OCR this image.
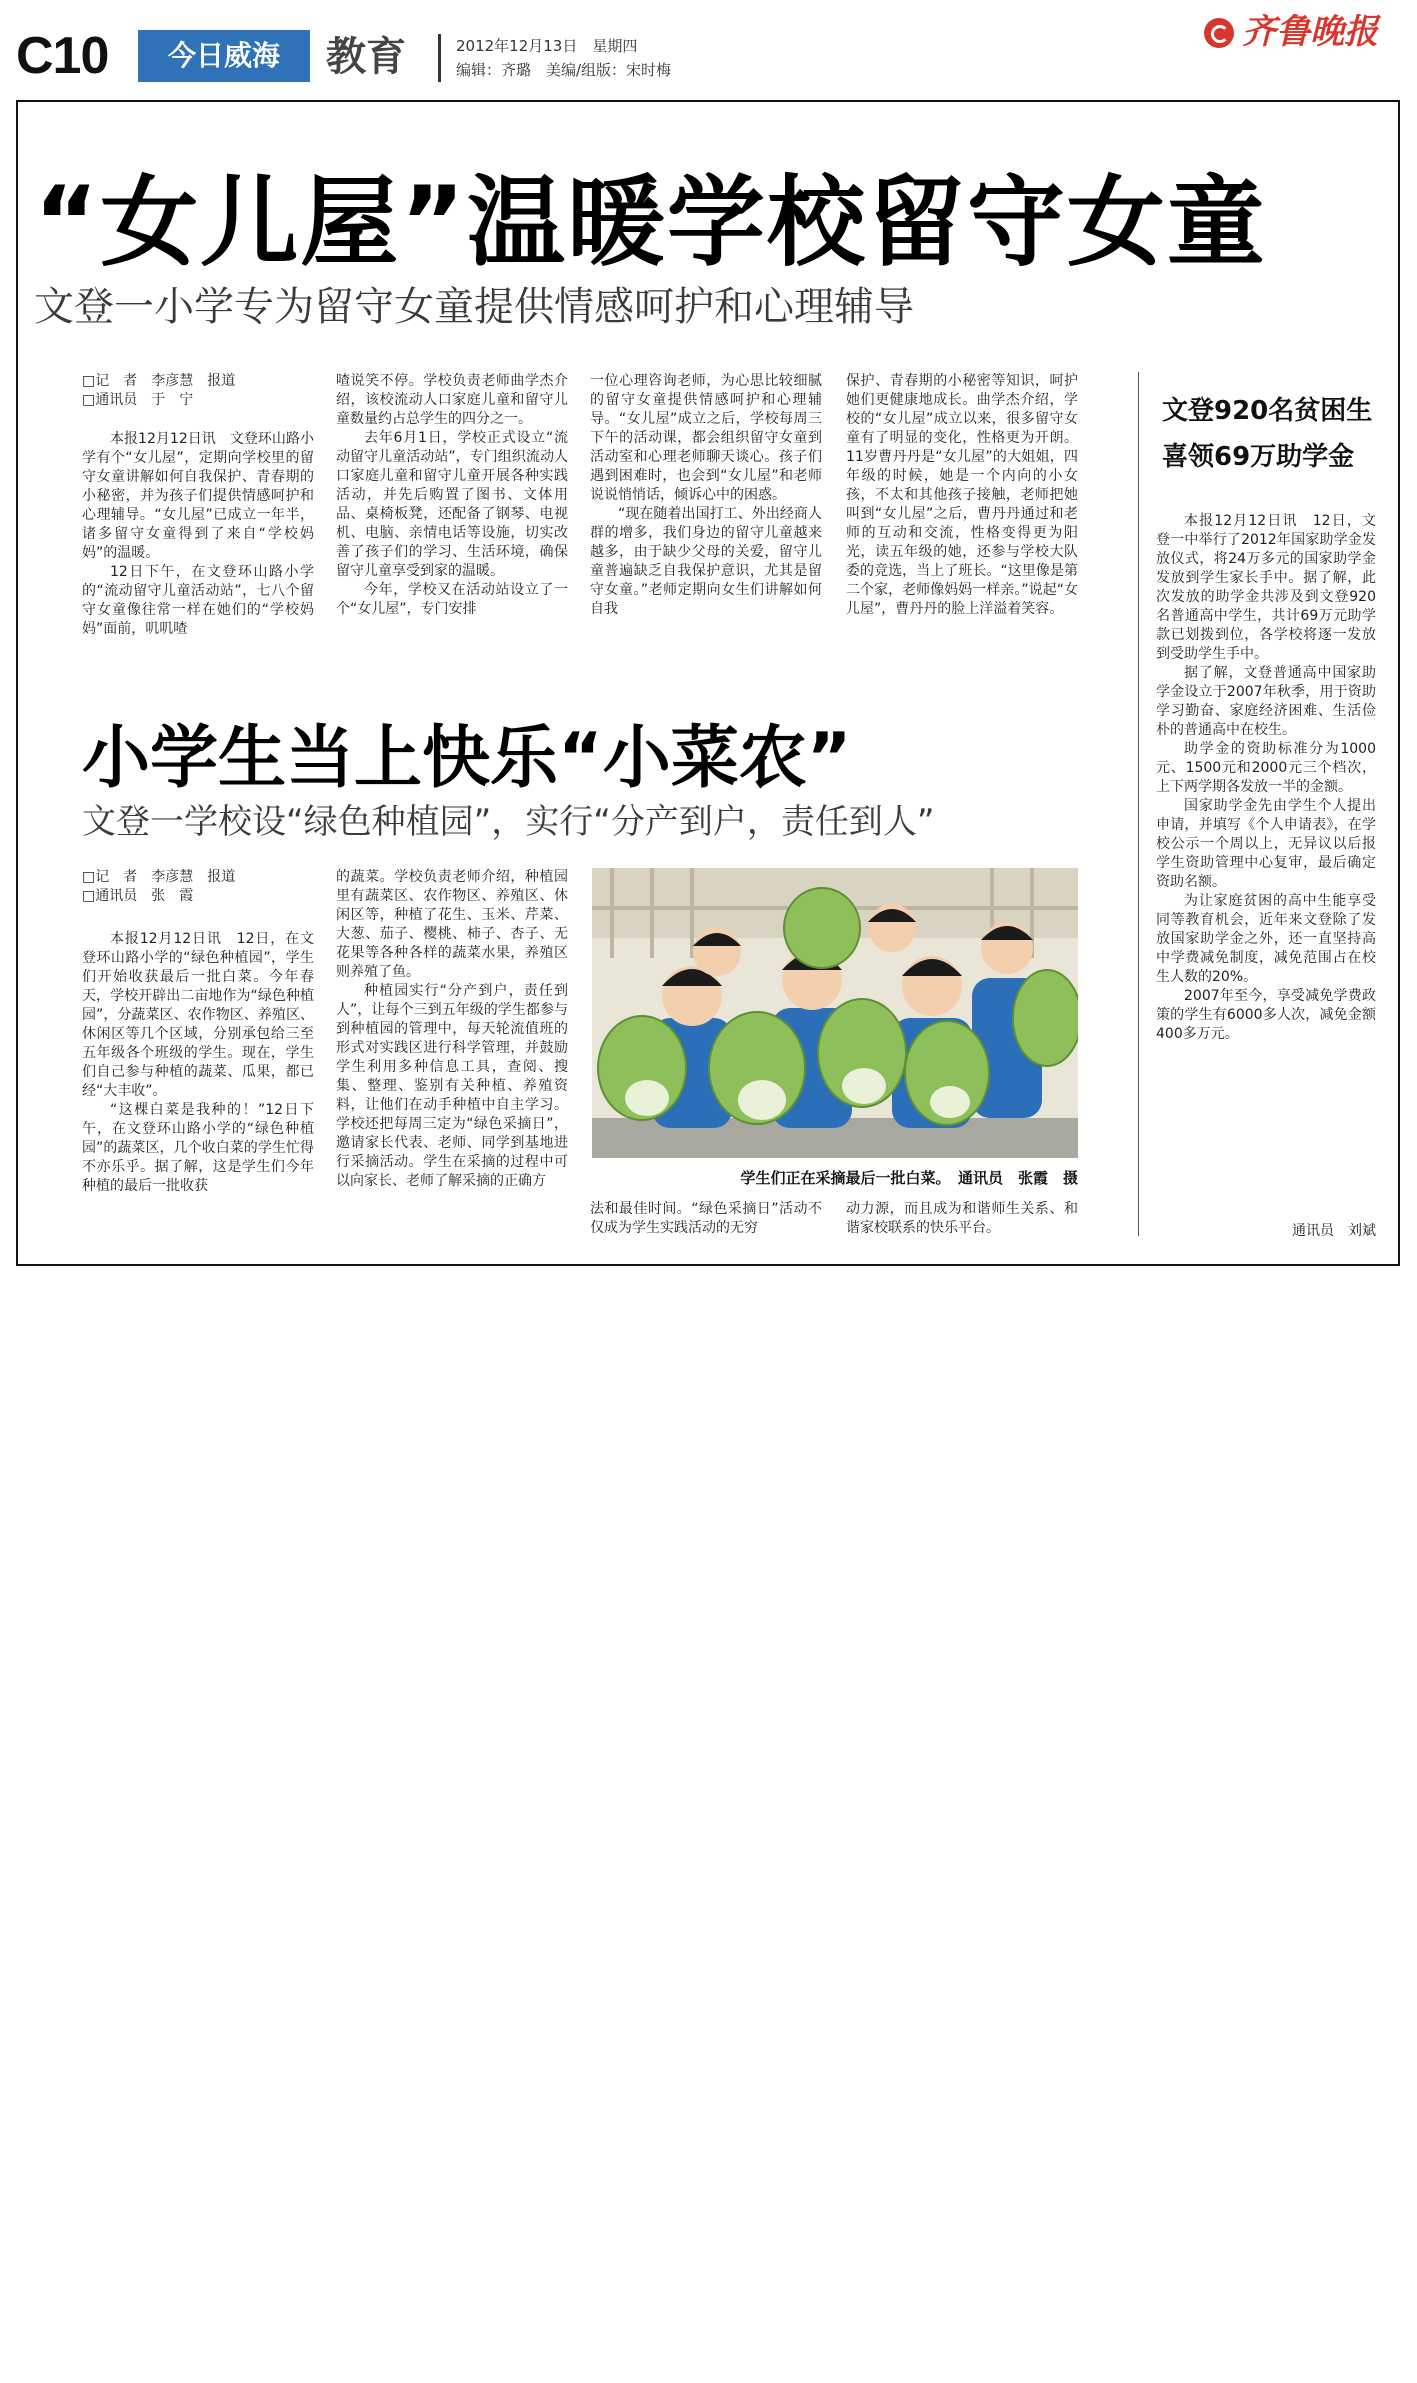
C10	今日威海	教育	2012年12月13日　星期四
编辑：齐璐　美编/组版：宋时梅
齐鲁晚报
“女儿屋”温暖学校留守女童
文登一小学专为留守女童提供情感呵护和心理辅导
□记　者　李彦慧　报道
□通讯员　于　宁

本报12月12日讯　文登环山路小学有个“女儿屋”，定期向学校里的留守女童讲解如何自我保护、青春期的小秘密，并为孩子们提供情感呵护和心理辅导。“女儿屋”已成立一年半，诸多留守女童得到了来自“学校妈妈”的温暖。

12日下午，在文登环山路小学的“流动留守儿童活动站”，七八个留守女童像往常一样在她们的“学校妈妈”面前，叽叽喳

喳说笑不停。学校负责老师曲学杰介绍，该校流动人口家庭儿童和留守儿童数量约占总学生的四分之一。

去年6月1日，学校正式设立“流动留守儿童活动站”，专门组织流动人口家庭儿童和留守儿童开展各种实践活动，并先后购置了图书、文体用品、桌椅板凳，还配备了钢琴、电视机、电脑、亲情电话等设施，切实改善了孩子们的学习、生活环境，确保留守儿童享受到家的温暖。

今年，学校又在活动站设立了一个“女儿屋”，专门安排

一位心理咨询老师，为心思比较细腻的留守女童提供情感呵护和心理辅导。“女儿屋”成立之后，学校每周三下午的活动课，都会组织留守女童到活动室和心理老师聊天谈心。孩子们遇到困难时，也会到“女儿屋”和老师说说悄悄话，倾诉心中的困惑。

“现在随着出国打工、外出经商人群的增多，我们身边的留守儿童越来越多，由于缺少父母的关爱，留守儿童普遍缺乏自我保护意识，尤其是留守女童。”老师定期向女生们讲解如何自我

保护、青春期的小秘密等知识，呵护她们更健康地成长。曲学杰介绍，学校的“女儿屋”成立以来，很多留守女童有了明显的变化，性格更为开朗。11岁曹丹丹是“女儿屋”的大姐姐，四年级的时候，她是一个内向的小女孩，不太和其他孩子接触，老师把她叫到“女儿屋”之后，曹丹丹通过和老师的互动和交流，性格变得更为阳光，读五年级的她，还参与学校大队委的竞选，当上了班长。“这里像是第二个家，老师像妈妈一样亲。”说起“女儿屋”，曹丹丹的脸上洋溢着笑容。

小学生当上快乐“小菜农”
文登一学校设“绿色种植园”，实行“分产到户，责任到人”
□记　者　李彦慧　报道
□通讯员　张　霞

本报12月12日讯　12日，在文登环山路小学的“绿色种植园”，学生们开始收获最后一批白菜。今年春天，学校开辟出二亩地作为“绿色种植园”，分蔬菜区、农作物区、养殖区、休闲区等几个区域，分别承包给三至五年级各个班级的学生。现在，学生们自己参与种植的蔬菜、瓜果，都已经“大丰收”。

“这棵白菜是我种的！”12日下午，在文登环山路小学的“绿色种植园”的蔬菜区，几个收白菜的学生忙得不亦乐乎。据了解，这是学生们今年种植的最后一批收获

的蔬菜。学校负责老师介绍，种植园里有蔬菜区、农作物区、养殖区、休闲区等，种植了花生、玉米、芹菜、大葱、茄子、樱桃、柿子、杏子、无花果等各种各样的蔬菜水果，养殖区则养殖了鱼。

种植园实行“分产到户，责任到人”，让每个三到五年级的学生都参与到种植园的管理中，每天轮流值班的形式对实践区进行科学管理，并鼓励学生利用多种信息工具，查阅、搜集、整理、鉴别有关种植、养殖资料，让他们在动手种植中自主学习。学校还把每周三定为“绿色采摘日”，邀请家长代表、老师、同学到基地进行采摘活动。学生在采摘的过程中可以向家长、老师了解采摘的正确方	学生们正在采摘最后一批白菜。　通讯员　张霞　摄

法和最佳时间。“绿色采摘日”活动不仅成为学生实践活动的无穷

动力源，而且成为和谐师生关系、和谐家校联系的快乐平台。

文登920名贫困生
喜领69万助学金

本报12月12日讯　12日，文登一中举行了2012年国家助学金发放仪式，将24万多元的国家助学金发放到学生家长手中。据了解，此次发放的助学金共涉及到文登920名普通高中学生，共计69万元助学款已划拨到位，各学校将逐一发放到受助学生手中。

据了解，文登普通高中国家助学金设立于2007年秋季，用于资助学习勤奋、家庭经济困难、生活俭朴的普通高中在校生。

助学金的资助标准分为1000元、1500元和2000元三个档次，上下两学期各发放一半的金额。

国家助学金先由学生个人提出申请，并填写《个人申请表》，在学校公示一个周以上，无异议以后报学生资助管理中心复审，最后确定资助名额。

为让家庭贫困的高中生能享受同等教育机会，近年来文登除了发放国家助学金之外，还一直坚持高中学费减免制度，减免范围占在校生人数的20%。

2007年至今，享受减免学费政策的学生有6000多人次，减免金额400多万元。

通讯员　刘斌
